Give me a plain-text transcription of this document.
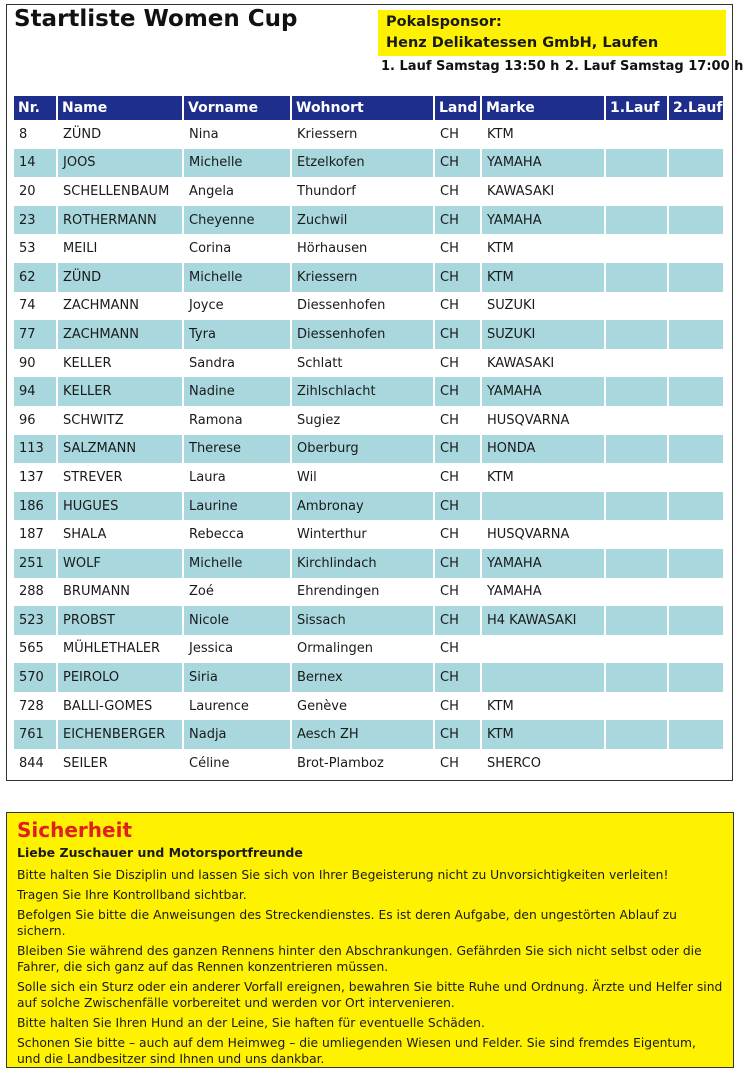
Startliste Women Cup	Pokalsponsor:
Henz Delikatessen GmbH, Laufen
1. Lauf Samstag 13:50 h 2. Lauf Samstag 17:00 h
Nr.	Name	Vorname	Wohnort	Land	Marke	1.Lauf	2.Lauf
8	ZÜND	Nina	Kriessern	CH	KTM		
14	JOOS	Michelle	Etzelkofen	CH	YAMAHA		
20	SCHELLENBAUM	Angela	Thundorf	CH	KAWASAKI		
23	ROTHERMANN	Cheyenne	Zuchwil	CH	YAMAHA		
53	MEILI	Corina	Hörhausen	CH	KTM		
62	ZÜND	Michelle	Kriessern	CH	KTM		
74	ZACHMANN	Joyce	Diessenhofen	CH	SUZUKI		
77	ZACHMANN	Tyra	Diessenhofen	CH	SUZUKI		
90	KELLER	Sandra	Schlatt	CH	KAWASAKI		
94	KELLER	Nadine	Zihlschlacht	CH	YAMAHA		
96	SCHWITZ	Ramona	Sugiez	CH	HUSQVARNA		
113	SALZMANN	Therese	Oberburg	CH	HONDA		
137	STREVER	Laura	Wil	CH	KTM		
186	HUGUES	Laurine	Ambronay	CH			
187	SHALA	Rebecca	Winterthur	CH	HUSQVARNA		
251	WOLF	Michelle	Kirchlindach	CH	YAMAHA		
288	BRUMANN	Zoé	Ehrendingen	CH	YAMAHA		
523	PROBST	Nicole	Sissach	CH	H4 KAWASAKI		
565	MÜHLETHALER	Jessica	Ormalingen	CH			
570	PEIROLO	Siria	Bernex	CH			
728	BALLI-GOMES	Laurence	Genève	CH	KTM		
761	EICHENBERGER	Nadja	Aesch ZH	CH	KTM		
844	SEILER	Céline	Brot-Plamboz	CH	SHERCO		
Sicherheit
Liebe Zuschauer und Motorsportfreunde

Bitte halten Sie Disziplin und lassen Sie sich von Ihrer Begeisterung nicht zu Unvorsichtigkeiten verleiten!

Tragen Sie Ihre Kontrollband sichtbar.

Befolgen Sie bitte die Anweisungen des Streckendienstes. Es ist deren Aufgabe, den ungestörten Ablauf zu sichern.

Bleiben Sie während des ganzen Rennens hinter den Abschrankungen. Gefährden Sie sich nicht selbst oder die Fahrer, die sich ganz auf das Rennen konzentrieren müssen.

Solle sich ein Sturz oder ein anderer Vorfall ereignen, bewahren Sie bitte Ruhe und Ordnung. Ärzte und Helfer sind auf solche Zwischenfälle vorbereitet und werden vor Ort intervenieren.

Bitte halten Sie Ihren Hund an der Leine, Sie haften für eventuelle Schäden.

Schonen Sie bitte – auch auf dem Heimweg – die umliegenden Wiesen und Felder. Sie sind fremdes Eigentum, und die Landbesitzer sind Ihnen und uns dankbar.
